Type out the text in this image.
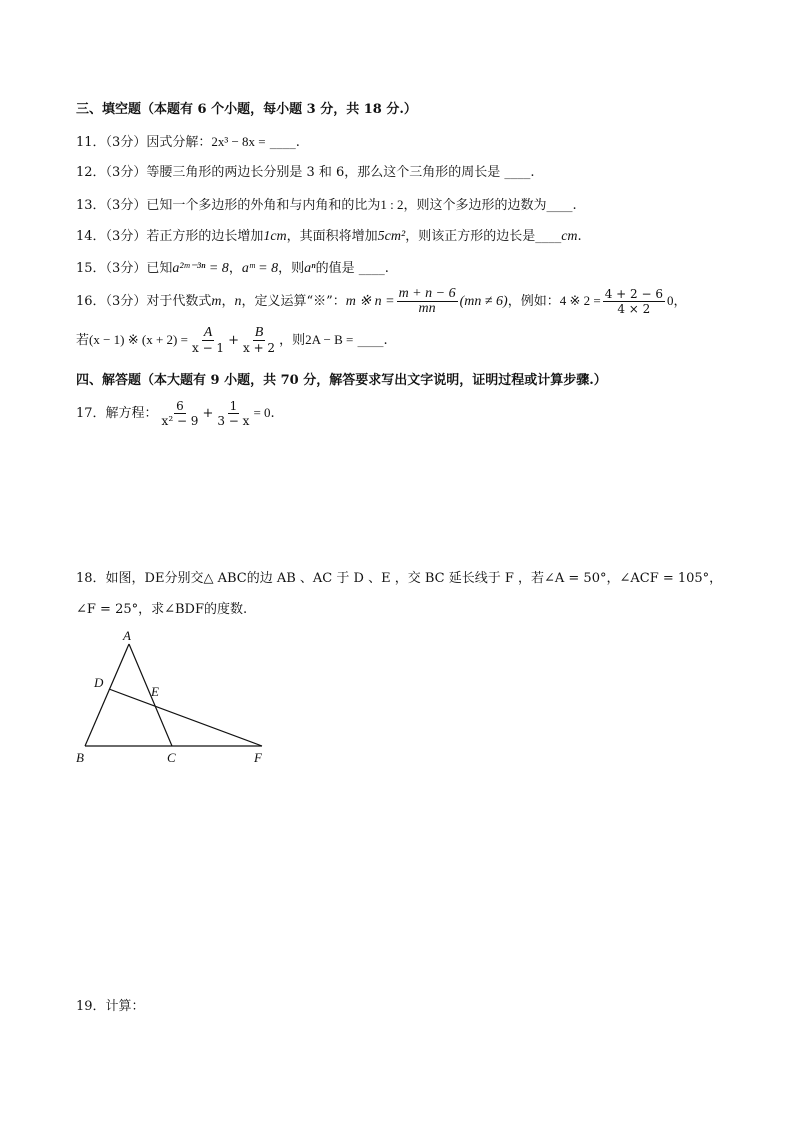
三、填空题（本题有 6 个小题，每小题 3 分，共 18 分.）
11．（3分）因式分解：2x³ − 8x = ____.
12．（3分）等腰三角形的两边长分别是 3 和 6，那么这个三角形的周长是 ____.
13．（3分）已知一个多边形的外角和与内角和的比为1 : 2，则这个多边形的边数为____.
14．（3分）若正方形的边长增加1cm，其面积将增加5cm²，则该正方形的边长是____cm.
15．（3分）已知a²ᵐ⁻³ⁿ = 8，aᵐ = 8，则aⁿ的值是 ____.
16．（3分）对于代数式m，n，定义运算“※”：m ※ $n = \frac{m + n - 6}{mn} (mn \ne 6)$，例如：4 ※ $2 = \frac{4 + 2 - 6}{4 \times 2} 0$，
若(x − 1) ※ $(x + 2) = \frac{A}{x - 1} + \frac{B}{x + 2}$ ，则2A − B = ____.
四、解答题（本大题有 9 小题，共 70 分，解答要求写出文字说明，证明过程或计算步骤.）
17．解方程： $\frac{6}{\text{x² − 9}} + \frac{1}{3 - x} = 0$.
18．如图，DE分别交△ ABC的边 AB 、AC 于 D 、E ，交 BC 延长线于 F ，若∠A = 50°，∠ACF = 105°，
∠F = 25°，求∠BDF的度数.
A
D
E
B	C	F
19．计算：
